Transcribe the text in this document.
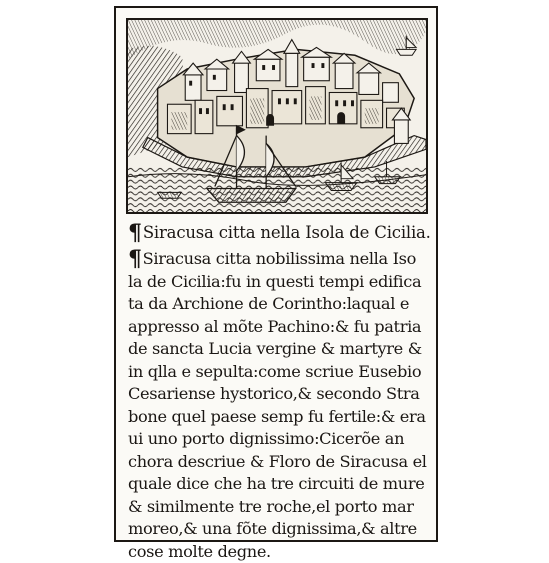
¶Siracusa citta nella Isola de Cicilia.
¶Siracusa citta nobilissima nella Iso
la de Cicilia:fu in questi tempi edifica
ta da Archione de Corintho:laqual e
appresso al mõte Pachino:& fu patria
de sancta Lucia vergine & martyre &
in qlla e sepulta:come scriue Eusebio
Cesariense hystorico,& secondo Stra
bone quel paese semp fu fertile:& era
ui uno porto dignissimo:Cicerõe an
chora descriue & Floro de Siracusa el
quale dice che ha tre circuiti de mure
& similmente tre roche,el porto mar
moreo,& una fõte dignissima,& altre
cose molte degne.
